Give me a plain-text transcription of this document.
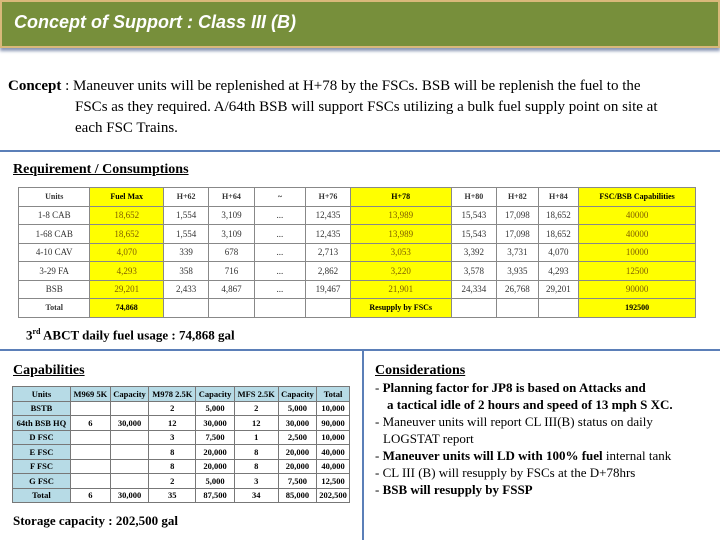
Concept of Support : Class III (B)
Concept : Maneuver units will be replenished at H+78 by the FSCs. BSB will be replenish the fuel to the
FSCs as they required. A/64th BSB will support FSCs utilizing a bulk fuel supply point on site at
each FSC Trains.
Requirement / Consumptions
Units	Fuel Max	H+62	H+64	~	H+76	H+78	H+80	H+82	H+84	FSC/BSB Capabilities
1-8 CAB	18,652	1,554	3,109	...	12,435	13,989	15,543	17,098	18,652	40000
1-68 CAB	18,652	1,554	3,109	...	12,435	13,989	15,543	17,098	18,652	40000
4-10 CAV	4,070	339	678	...	2,713	3,053	3,392	3,731	4,070	10000
3-29 FA	4,293	358	716	...	2,862	3,220	3,578	3,935	4,293	12500
BSB	29,201	2,433	4,867	...	19,467	21,901	24,334	26,768	29,201	90000
Total	74,868					Resupply by FSCs				192500
3rd ABCT daily fuel usage : 74,868 gal
Capabilities
Units	M969 5K	Capacity	M978 2.5K	Capacity	MFS 2.5K	Capacity	Total
BSTB			2	5,000	2	5,000	10,000
64th BSB HQ	6	30,000	12	30,000	12	30,000	90,000
D FSC			3	7,500	1	2,500	10,000
E FSC			8	20,000	8	20,000	40,000
F FSC			8	20,000	8	20,000	40,000
G FSC			2	5,000	3	7,500	12,500
Total	6	30,000	35	87,500	34	85,000	202,500
Storage capacity : 202,500 gal
Considerations
- Planning factor for JP8 is based on Attacks and
a tactical idle of 2 hours and speed of 13 mph S XC.
- Maneuver units will report CL III(B) status on daily
LOGSTAT report
- Maneuver units will LD with 100% fuel internal tank
- CL III (B) will resupply by FSCs at the D+78hrs
- BSB will resupply by FSSP
